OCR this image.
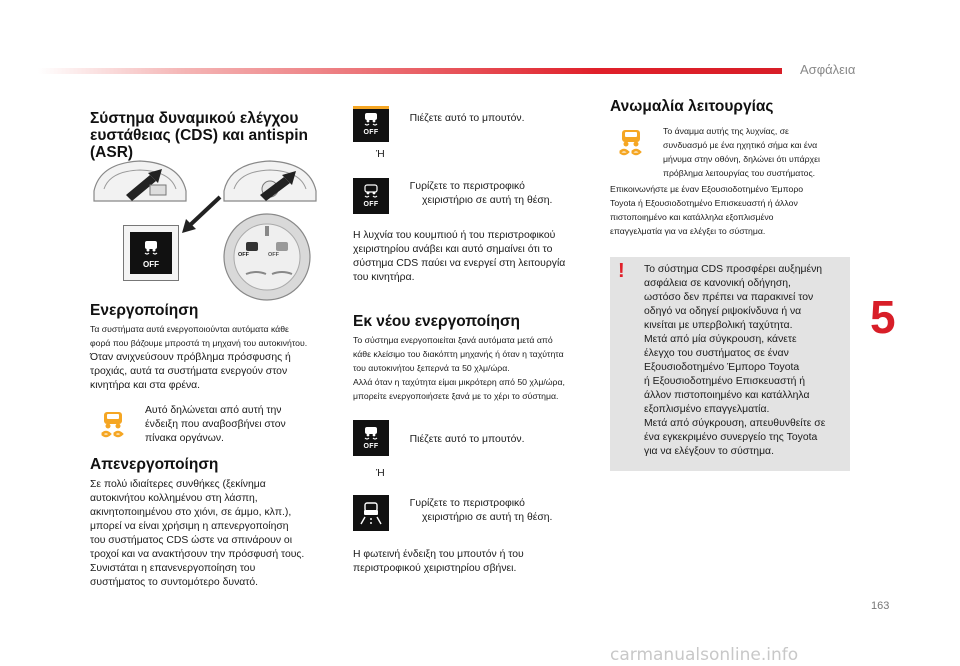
Ασφάλεια
5
163
carmanualsonline.info
Σύστημα δυναμικού ελέγχου
ευστάθειας (CDS) και antispin
(ASR)
OFF
OFF	OFF
Ενεργοποίηση
Τα συστήματα αυτά ενεργοποιούνται αυτόματα κάθε
φορά που βάζουμε μπροστά τη μηχανή του αυτοκινήτου.
Όταν ανιχνεύσουν πρόβλημα πρόσφυσης ή
τροχιάς, αυτά τα συστήματα ενεργούν στον
κινητήρα και στα φρένα.
Αυτό δηλώνεται από αυτή την
ένδειξη που αναβοσβήνει στον
πίνακα οργάνων.
Απενεργοποίηση
Σε πολύ ιδιαίτερες συνθήκες (ξεκίνημα
αυτοκινήτου κολλημένου στη λάσπη,
ακινητοποιημένου στο χιόνι, σε άμμο, κλπ.),
μπορεί να είναι χρήσιμη η απενεργοποίηση
του συστήματος CDS ώστε να σπινάρουν οι
τροχοί και να ανακτήσουν την πρόσφυσή τους.
Συνιστάται η επανενεργοποίηση του
συστήματος το συντομότερο δυνατό.
OFF
Πιέζετε αυτό το μπουτόν.
Ή
OFF
Γυρίζετε το περιστροφικό
χειριστήριο σε αυτή τη θέση.
Η λυχνία του κουμπιού ή του περιστροφικού
χειριστηρίου ανάβει και αυτό σημαίνει ότι το
σύστημα CDS παύει να ενεργεί στη λειτουργία
του κινητήρα.
Εκ νέου ενεργοποίηση
Το σύστημα ενεργοποιείται ξανά αυτόματα μετά από
κάθε κλείσιμο του διακόπτη μηχανής ή όταν η ταχύτητα
του αυτοκινήτου ξεπερνά τα 50 χλμ/ώρα.
Αλλά όταν η ταχύτητα είμαι μικρότερη από 50 χλμ/ώρα,
μπορείτε ενεργοποιήσετε ξανά με το χέρι το σύστημα.
OFF
Πιέζετε αυτό το μπουτόν.
Ή
Γυρίζετε το περιστροφικό
χειριστήριο σε αυτή τη θέση.
Η φωτεινή ένδειξη του μπουτόν ή του
περιστροφικού χειριστηρίου σβήνει.
Ανωμαλία λειτουργίας
Το άναμμα αυτής της λυχνίας, σε
συνδυασμό με ένα ηχητικό σήμα και ένα
μήνυμα στην οθόνη, δηλώνει ότι υπάρχει
πρόβλημα λειτουργίας του συστήματος.
Επικοινωνήστε με έναν Εξουσιοδοτημένο Έμπορο
Toyota ή Εξουσιοδοτημένο Επισκευαστή ή άλλον
πιστοποιημένο και κατάλληλα εξοπλισμένο
επαγγελματία για να ελέγξει το σύστημα.
! Το σύστημα CDS προσφέρει αυξημένη
ασφάλεια σε κανονική οδήγηση,
ωστόσο δεν πρέπει να παρακινεί τον
οδηγό να οδηγεί ριψοκίνδυνα ή να
κινείται με υπερβολική ταχύτητα.
Μετά από μία σύγκρουση, κάνετε
έλεγχο του συστήματος σε έναν
Εξουσιοδοτημένο Έμπορο Toyota
ή Εξουσιοδοτημένο Επισκευαστή ή
άλλον πιστοποιημένο και κατάλληλα
εξοπλισμένο επαγγελματία.
Μετά από σύγκρουση, απευθυνθείτε σε
ένα εγκεκριμένο συνεργείο της Toyota
για να ελέγξουν το σύστημα.
